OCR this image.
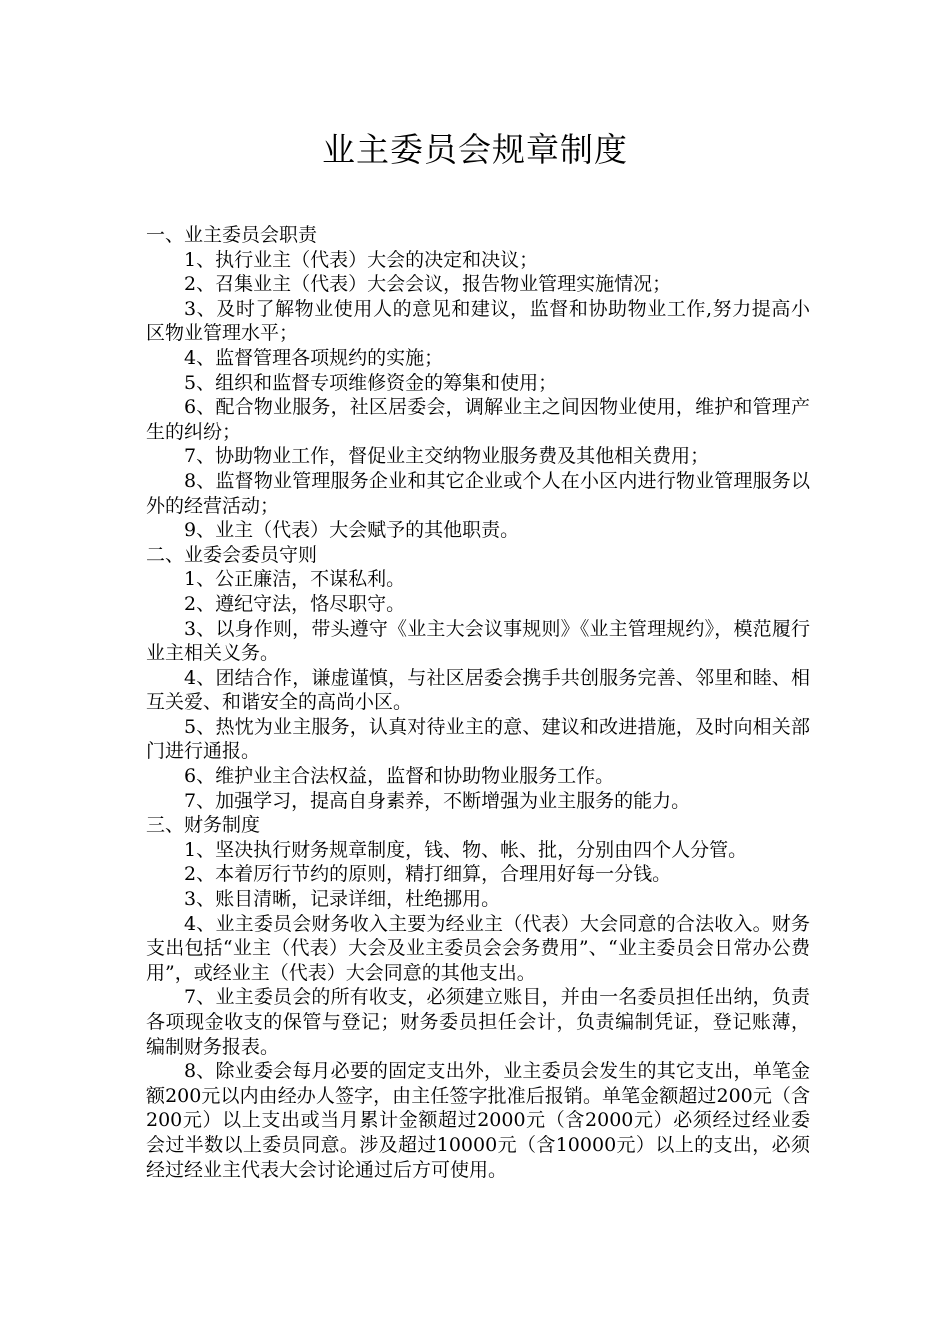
业主委员会规章制度

一、业主委员会职责

1、执行业主（代表）大会的决定和决议；

2、召集业主（代表）大会会议，报告物业管理实施情况；

3、及时了解物业使用人的意见和建议，监督和协助物业工作,努力提高小区物业管理水平；

4、监督管理各项规约的实施；

5、组织和监督专项维修资金的筹集和使用；

6、配合物业服务，社区居委会，调解业主之间因物业使用，维护和管理产生的纠纷；

7、协助物业工作，督促业主交纳物业服务费及其他相关费用；

8、监督物业管理服务企业和其它企业或个人在小区内进行物业管理服务以外的经营活动；

9、业主（代表）大会赋予的其他职责。

二、业委会委员守则

1、公正廉洁，不谋私利。

2、遵纪守法，恪尽职守。

3、以身作则，带头遵守《业主大会议事规则》《业主管理规约》，模范履行业主相关义务。

4、团结合作，谦虚谨慎，与社区居委会携手共创服务完善、邻里和睦、相互关爱、和谐安全的高尚小区。

5、热忱为业主服务，认真对待业主的意、建议和改进措施，及时向相关部门进行通报。

6、维护业主合法权益，监督和协助物业服务工作。

7、加强学习，提高自身素养，不断增强为业主服务的能力。

三、财务制度

1、坚决执行财务规章制度，钱、物、帐、批，分别由四个人分管。

2、本着厉行节约的原则，精打细算，合理用好每一分钱。

3、账目清晰，记录详细，杜绝挪用。

4、业主委员会财务收入主要为经业主（代表）大会同意的合法收入。财务支出包括“业主（代表）大会及业主委员会会务费用”、“业主委员会日常办公费用”，或经业主（代表）大会同意的其他支出。

7、业主委员会的所有收支，必须建立账目，并由一名委员担任出纳，负责各项现金收支的保管与登记；财务委员担任会计，负责编制凭证，登记账薄，编制财务报表。

8、除业委会每月必要的固定支出外，业主委员会发生的其它支出，单笔金额200元以内由经办人签字，由主任签字批准后报销。单笔金额超过200元（含200元）以上支出或当月累计金额超过2000元（含2000元）必须经过经业委会过半数以上委员同意。涉及超过10000元（含10000元）以上的支出，必须经过经业主代表大会讨论通过后方可使用。
